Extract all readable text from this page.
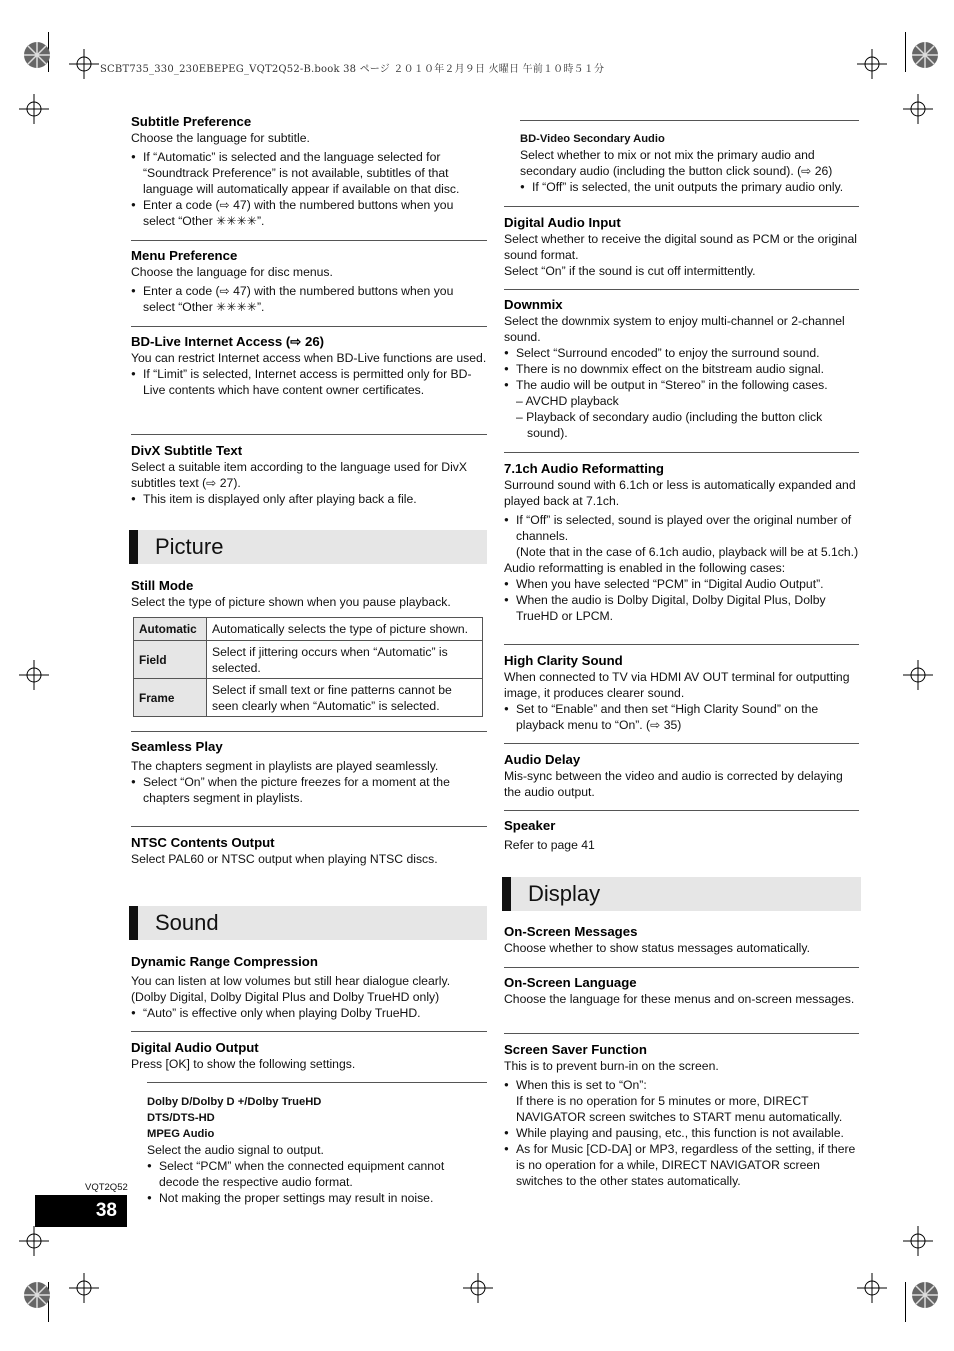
SCBT735_330_230EBEPEG_VQT2Q52-B.book 38 ページ ２０１０年２月９日 火曜日 午前１０時５１分
Subtitle Preference
Choose the language for subtitle.
● If “Automatic” is selected and the language selected for “Soundtrack Preference” is not available, subtitles of that language will automatically appear if available on that disc.
● Enter a code (⇨ 47) with the numbered buttons when you select “Other ✳✳✳✳”.
Menu Preference
Choose the language for disc menus.
● Enter a code (⇨ 47) with the numbered buttons when you select “Other ✳✳✳✳”.
BD-Live Internet Access (⇨ 26)
You can restrict Internet access when BD-Live functions are used.
● If “Limit” is selected, Internet access is permitted only for BD-Live contents which have content owner certificates.
DivX Subtitle Text
Select a suitable item according to the language used for DivX subtitles text (⇨ 27).
● This item is displayed only after playing back a file.
Picture
Still Mode
Select the type of picture shown when you pause playback.
Automatic	Automatically selects the type of picture shown.
Field	Select if jittering occurs when “Automatic” is selected.
Frame	Select if small text or fine patterns cannot be seen clearly when “Automatic” is selected.
Seamless Play
The chapters segment in playlists are played seamlessly.
● Select “On” when the picture freezes for a moment at the chapters segment in playlists.
NTSC Contents Output
Select PAL60 or NTSC output when playing NTSC discs.
Sound
Dynamic Range Compression
You can listen at low volumes but still hear dialogue clearly. (Dolby Digital, Dolby Digital Plus and Dolby TrueHD only)
● “Auto” is effective only when playing Dolby TrueHD.
Digital Audio Output
Press [OK] to show the following settings.
Dolby D/Dolby D +/Dolby TrueHD
DTS/DTS-HD
MPEG Audio
Select the audio signal to output.
● Select “PCM” when the connected equipment cannot decode the respective audio format.
● Not making the proper settings may result in noise.
BD-Video Secondary Audio
Select whether to mix or not mix the primary audio and secondary audio (including the button click sound). (⇨ 26)
● If “Off” is selected, the unit outputs the primary audio only.
Digital Audio Input
Select whether to receive the digital sound as PCM or the original sound format.
Select “On” if the sound is cut off intermittently.
Downmix
Select the downmix system to enjoy multi-channel or 2-channel sound.
● Select “Surround encoded” to enjoy the surround sound.
● There is no downmix effect on the bitstream audio signal.
● The audio will be output in “Stereo” in the following cases.
– AVCHD playback
– Playback of secondary audio (including the button click sound).
7.1ch Audio Reformatting
Surround sound with 6.1ch or less is automatically expanded and played back at 7.1ch.
● If “Off” is selected, sound is played over the original number of channels.
(Note that in the case of 6.1ch audio, playback will be at 5.1ch.)
Audio reformatting is enabled in the following cases:
● When you have selected “PCM” in “Digital Audio Output”.
● When the audio is Dolby Digital, Dolby Digital Plus, Dolby TrueHD or LPCM.
High Clarity Sound
When connected to TV via HDMI AV OUT terminal for outputting image, it produces clearer sound.
● Set to “Enable” and then set “High Clarity Sound” on the playback menu to “On”. (⇨ 35)
Audio Delay
Mis-sync between the video and audio is corrected by delaying the audio output.
Speaker
Refer to page 41
Display
On-Screen Messages
Choose whether to show status messages automatically.
On-Screen Language
Choose the language for these menus and on-screen messages.
Screen Saver Function
This is to prevent burn-in on the screen.
● When this is set to “On”:
If there is no operation for 5 minutes or more, DIRECT NAVIGATOR screen switches to START menu automatically.
● While playing and pausing, etc., this function is not available.
● As for Music [CD-DA] or MP3, regardless of the setting, if there is no operation for a while, DIRECT NAVIGATOR screen switches to the other states automatically.
VQT2Q52
38
